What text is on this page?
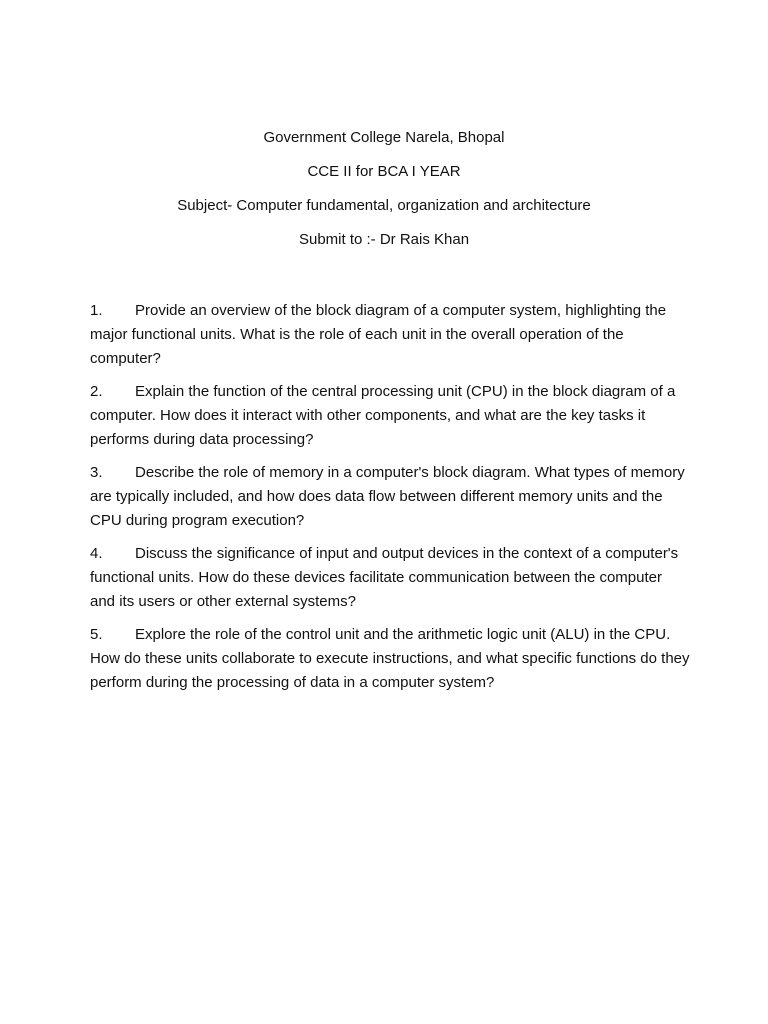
Government College Narela, Bhopal
CCE II for BCA I YEAR
Subject- Computer fundamental, organization and architecture
Submit to :- Dr Rais Khan
1. Provide an overview of the block diagram of a computer system, highlighting the major functional units. What is the role of each unit in the overall operation of the computer?
2. Explain the function of the central processing unit (CPU) in the block diagram of a computer. How does it interact with other components, and what are the key tasks it performs during data processing?
3. Describe the role of memory in a computer's block diagram. What types of memory are typically included, and how does data flow between different memory units and the CPU during program execution?
4. Discuss the significance of input and output devices in the context of a computer's functional units. How do these devices facilitate communication between the computer and its users or other external systems?
5. Explore the role of the control unit and the arithmetic logic unit (ALU) in the CPU. How do these units collaborate to execute instructions, and what specific functions do they perform during the processing of data in a computer system?
